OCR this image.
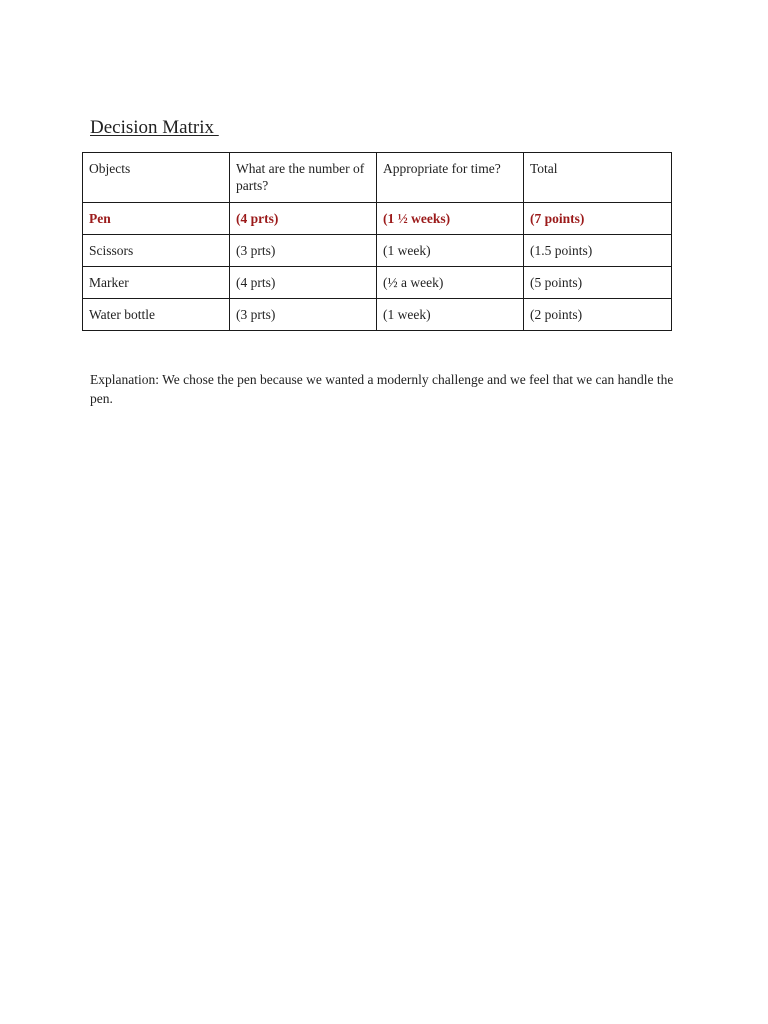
Decision Matrix
Objects	What are the number of parts?	Appropriate for time?	Total
Pen	(4 prts)	(1 ½ weeks)	(7 points)
Scissors	(3 prts)	(1 week)	(1.5 points)
Marker	(4 prts)	(½ a week)	(5 points)
Water bottle	(3 prts)	(1 week)	(2 points)

Explanation: We chose the pen because we wanted a modernly challenge and we feel that we can handle the pen.
